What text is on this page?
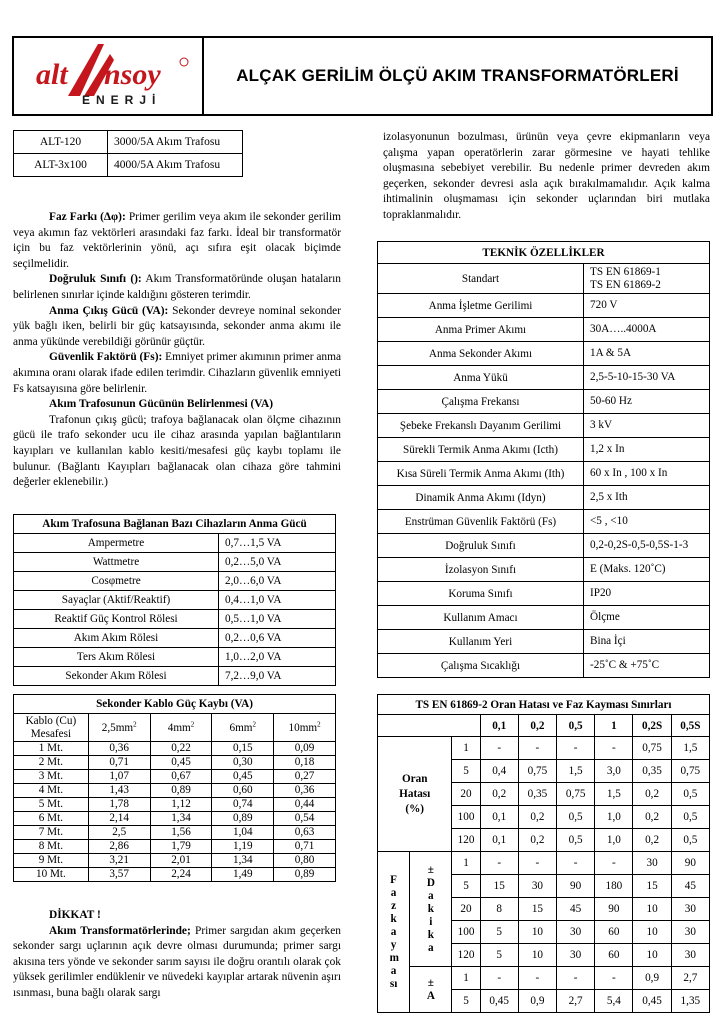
alt nsoy
ENERJİ
ALÇAK GERİLİM ÖLÇÜ AKIM TRANSFORMATÖRLERİ
ALT-120	3000/5A Akım Trafosu
ALT-3x100	4000/5A Akım Trafosu

Faz Farkı (Δφ): Primer gerilim veya akım ile sekonder gerilim veya akımın faz vektörleri arasındaki faz farkı. İdeal bir transformatör için bu faz vektörlerinin yönü, açı sıfıra eşit olacak biçimde seçilmelidir.

Doğruluk Sınıfı (): Akım Transformatöründe oluşan hataların belirlenen sınırlar içinde kaldığını gösteren terimdir.

Anma Çıkış Gücü (VA): Sekonder devreye nominal sekonder yük bağlı iken, belirli bir güç katsayısında, sekonder anma akımı ile anma yükünde verebildiği görünür güçtür.

Güvenlik Faktörü (Fs): Emniyet primer akımının primer anma akımına oranı olarak ifade edilen terimdir. Cihazların güvenlik emniyeti Fs katsayısına göre belirlenir.

Akım Trafosunun Gücünün Belirlenmesi (VA)

Trafonun çıkış gücü; trafoya bağlanacak olan ölçme cihazının gücü ile trafo sekonder ucu ile cihaz arasında yapılan bağlantıların kayıpları ve kullanılan kablo kesiti/mesafesi güç kaybı toplamı ile bulunur. (Bağlantı Kayıpları bağlanacak olan cihaza göre tahmini değerler eklenebilir.)

Akım Trafosuna Bağlanan Bazı Cihazların Anma Gücü	
Ampermetre	0,7…1,5 VA
Wattmetre	0,2…5,0 VA
Cosφmetre	2,0…6,0 VA
Sayaçlar (Aktif/Reaktif)	0,4…1,0 VA
Reaktif Güç Kontrol Rölesi	0,5…1,0 VA
Akım Akım Rölesi	0,2…0,6 VA
Ters Akım Rölesi	1,0…2,0 VA
Sekonder Akım Rölesi	7,2…9,0 VA
Sekonder Kablo Güç Kaybı (VA)				
Kablo (Cu) Mesafesi	$2,5mm^2$	$4mm^2$	$6mm^2$	$10mm^2$
1 Mt.	0,36	0,22	0,15	0,09
2 Mt.	0,71	0,45	0,30	0,18
3 Mt.	1,07	0,67	0,45	0,27
4 Mt.	1,43	0,89	0,60	0,36
5 Mt.	1,78	1,12	0,74	0,44
6 Mt.	2,14	1,34	0,89	0,54
7 Mt.	2,5	1,56	1,04	0,63
8 Mt.	2,86	1,79	1,19	0,71
9 Mt.	3,21	2,01	1,34	0,80
10 Mt.	3,57	2,24	1,49	0,89

DİKKAT !

Akım Transformatörlerinde; Primer sargıdan akım geçerken sekonder sargı uçlarının açık devre olması durumunda; primer sargı akısına ters yönde ve sekonder sarım sayısı ile doğru orantılı olarak çok yüksek gerilimler endüklenir ve nüvedeki kayıplar artarak nüvenin aşırı ısınması, buna bağlı olarak sargı

izolasyonunun bozulması, ürünün veya çevre ekipmanların veya çalışma yapan operatörlerin zarar görmesine ve hayati tehlike oluşmasına sebebiyet verebilir. Bu nedenle primer devreden akım geçerken, sekonder devresi asla açık bırakılmamalıdır. Açık kalma ihtimalinin oluşmaması için sekonder uçlarından biri mutlaka topraklanmalıdır.
TEKNİK ÖZELLİKLER	
Standart	TS EN 61869-1
TS EN 61869-2
Anma İşletme Gerilimi	720 V
Anma Primer Akımı	30A…..4000A
Anma Sekonder Akımı	1A & 5A
Anma Yükü	2,5-5-10-15-30 VA
Çalışma Frekansı	50-60 Hz
Şebeke Frekanslı Dayanım Gerilimi	3 kV
Sürekli Termik Anma Akımı (Icth)	1,2 x In
Kısa Süreli Termik Anma Akımı (Ith)	60 x In , 100 x In
Dinamik Anma Akımı (Idyn)	2,5 x Ith
Enstrüman Güvenlik Faktörü (Fs)	<5 , <10
Doğruluk Sınıfı	0,2-0,2S-0,5-0,5S-1-3
İzolasyon Sınıfı	E (Maks. 120˚C)
Koruma Sınıfı	IP20
Kullanım Amacı	Ölçme
Kullanım Yeri	Bina İçi
Çalışma Sıcaklığı	-25˚C & +75˚C
TS EN 61869-2 Oran Hatası ve Faz Kayması Sınırları								
			0,1	0,2	0,5	1	0,2S	0,5S
Oran Hatası (%)		1	-	-	-	-	0,75	1,5
		5	0,4	0,75	1,5	3,0	0,35	0,75
		20	0,2	0,35	0,75	1,5	0,2	0,5
		100	0,1	0,2	0,5	1,0	0,2	0,5
		120	0,1	0,2	0,5	1,0	0,2	0,5
Fazkayması	± Dakika	1	-	-	-	-	30	90
		5	15	30	90	180	15	45
		20	8	15	45	90	10	30
		100	5	10	30	60	10	30
		120	5	10	30	60	10	30
	± A	1	-	-	-	-	0,9	2,7
		5	0,45	0,9	2,7	5,4	0,45	1,35
